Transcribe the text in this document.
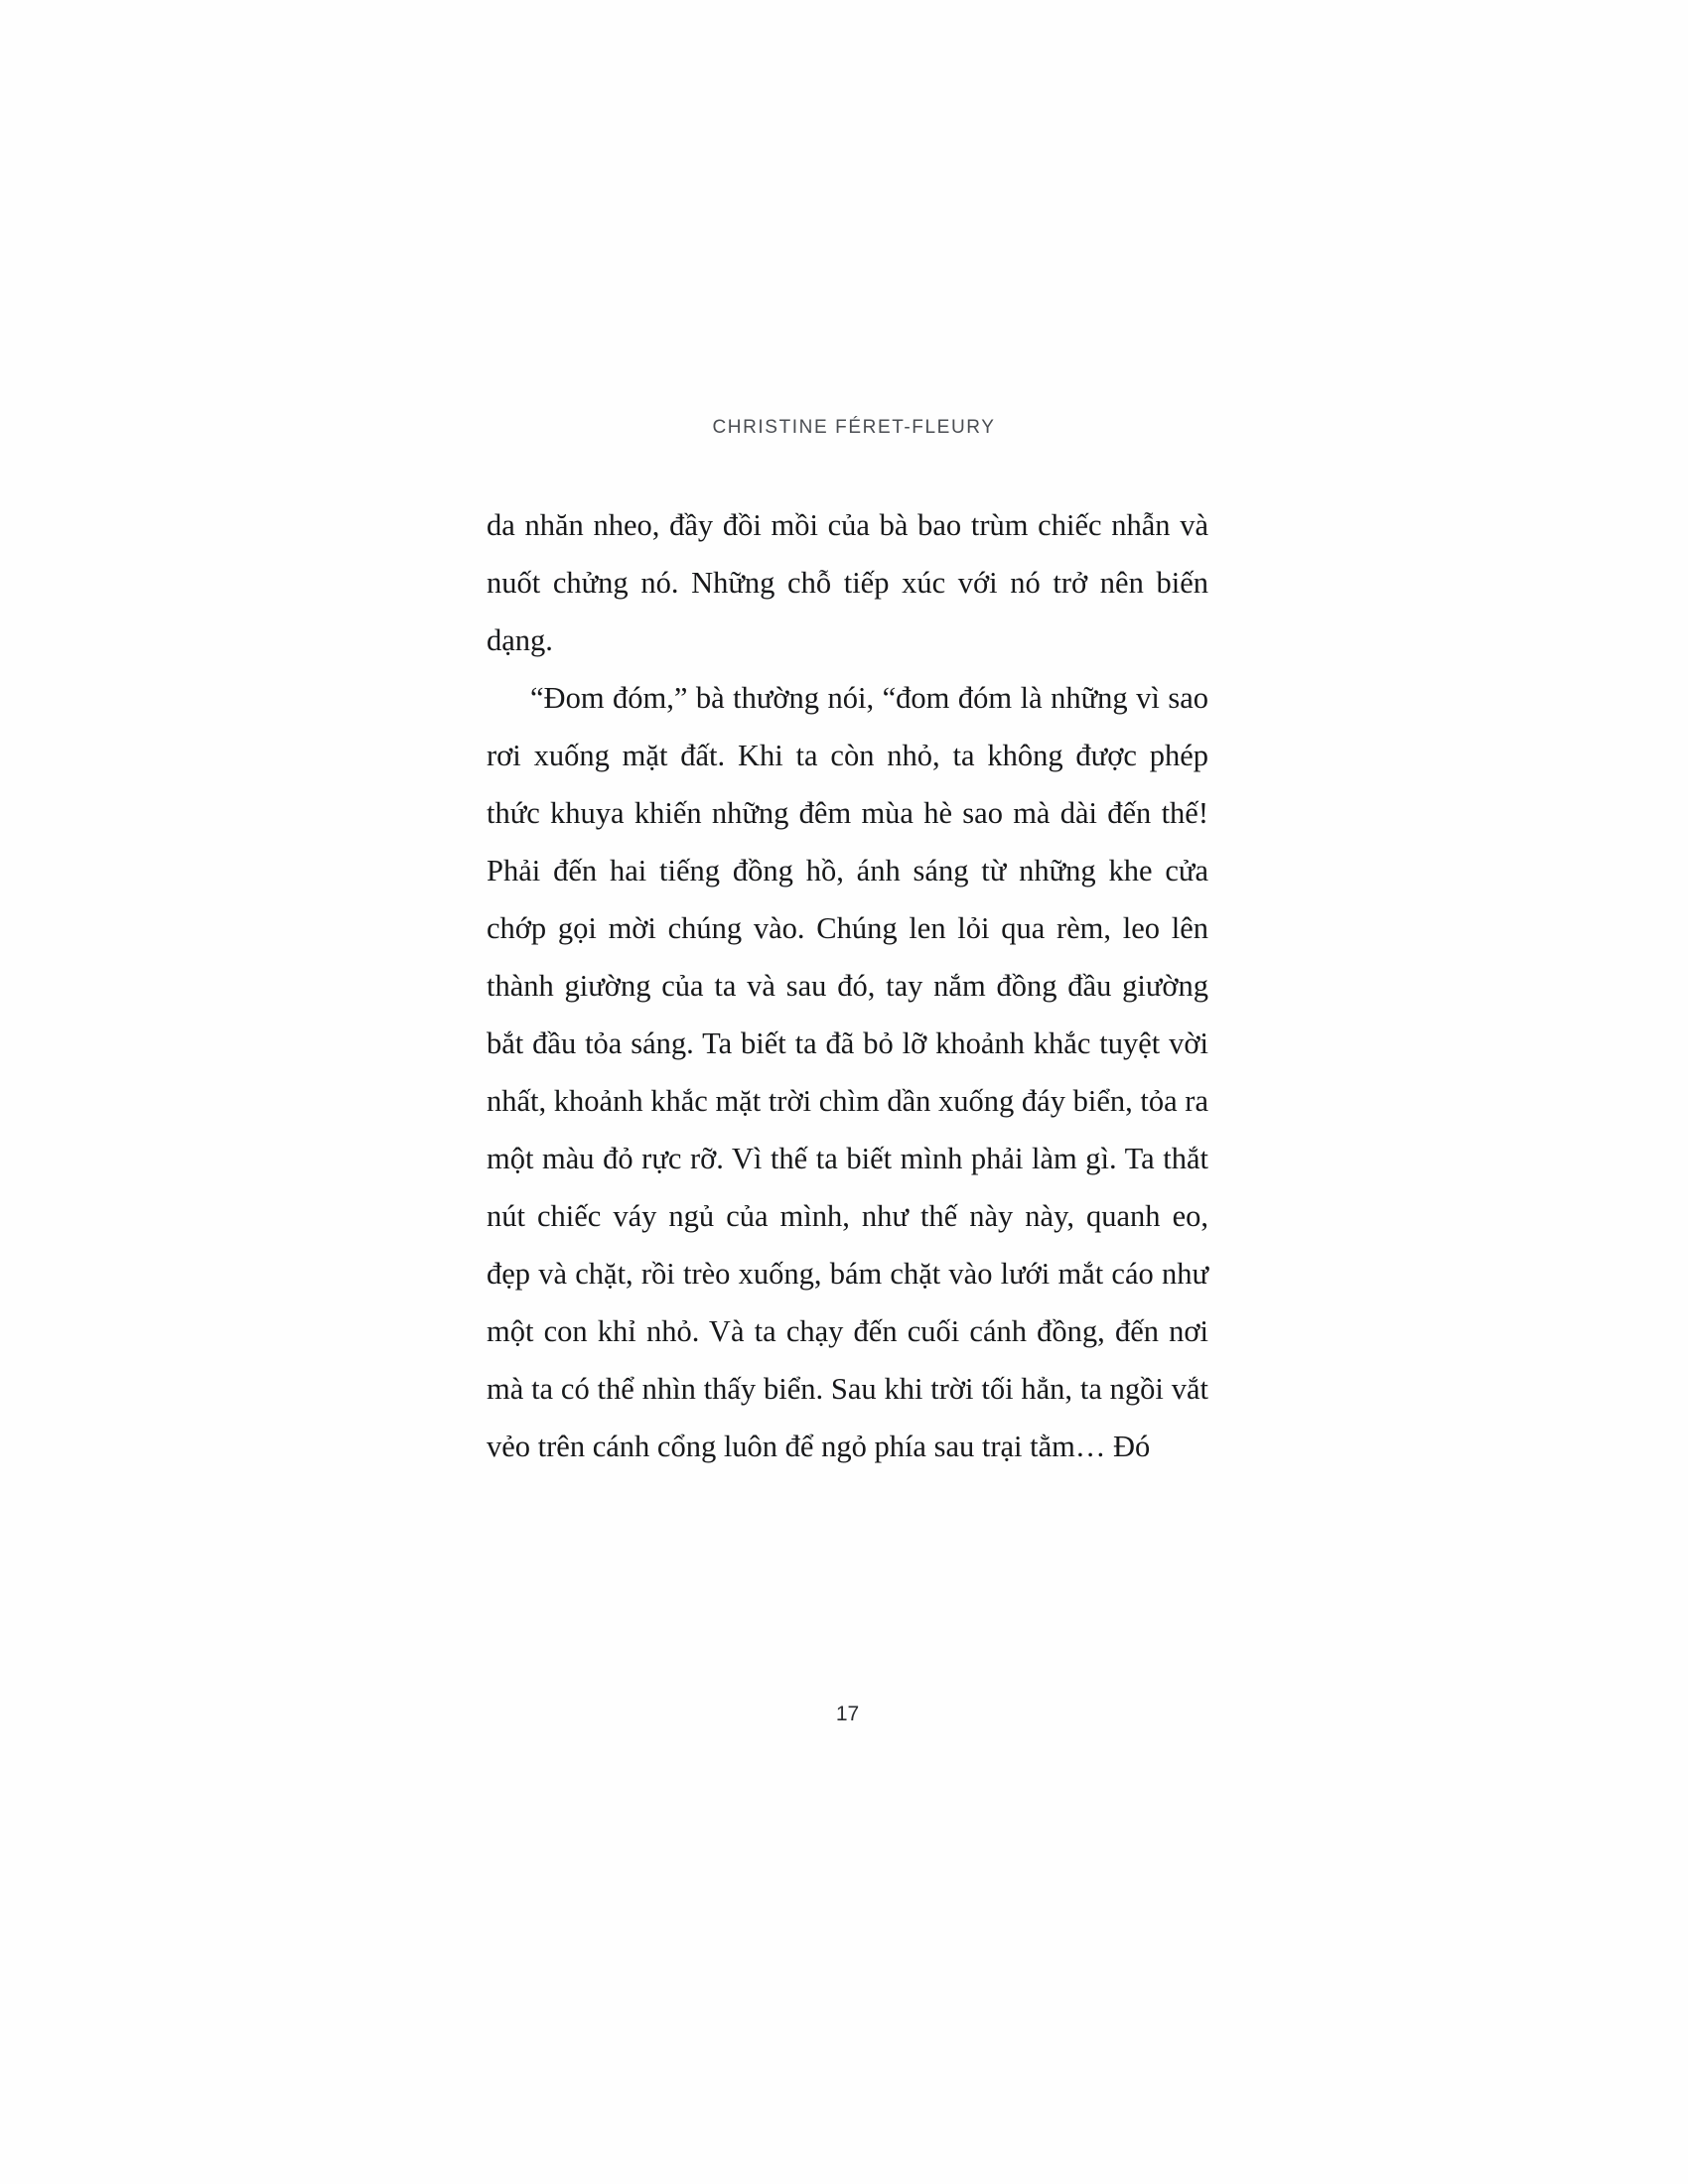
CHRISTINE FÉRET-FLEURY

da nhăn nheo, đầy đồi mồi của bà bao trùm chiếc nhẫn và nuốt chửng nó. Những chỗ tiếp xúc với nó trở nên biến dạng.

“Đom đóm,” bà thường nói, “đom đóm là những vì sao rơi xuống mặt đất. Khi ta còn nhỏ, ta không được phép thức khuya khiến những đêm mùa hè sao mà dài đến thế! Phải đến hai tiếng đồng hồ, ánh sáng từ những khe cửa chớp gọi mời chúng vào. Chúng len lỏi qua rèm, leo lên thành giường của ta và sau đó, tay nắm đồng đầu giường bắt đầu tỏa sáng. Ta biết ta đã bỏ lỡ khoảnh khắc tuyệt vời nhất, khoảnh khắc mặt trời chìm dần xuống đáy biển, tỏa ra một màu đỏ rực rỡ. Vì thế ta biết mình phải làm gì. Ta thắt nút chiếc váy ngủ của mình, như thế này này, quanh eo, đẹp và chặt, rồi trèo xuống, bám chặt vào lưới mắt cáo như một con khỉ nhỏ. Và ta chạy đến cuối cánh đồng, đến nơi mà ta có thể nhìn thấy biển. Sau khi trời tối hẳn, ta ngồi vắt vẻo trên cánh cổng luôn để ngỏ phía sau trại tằm… Đó

17
